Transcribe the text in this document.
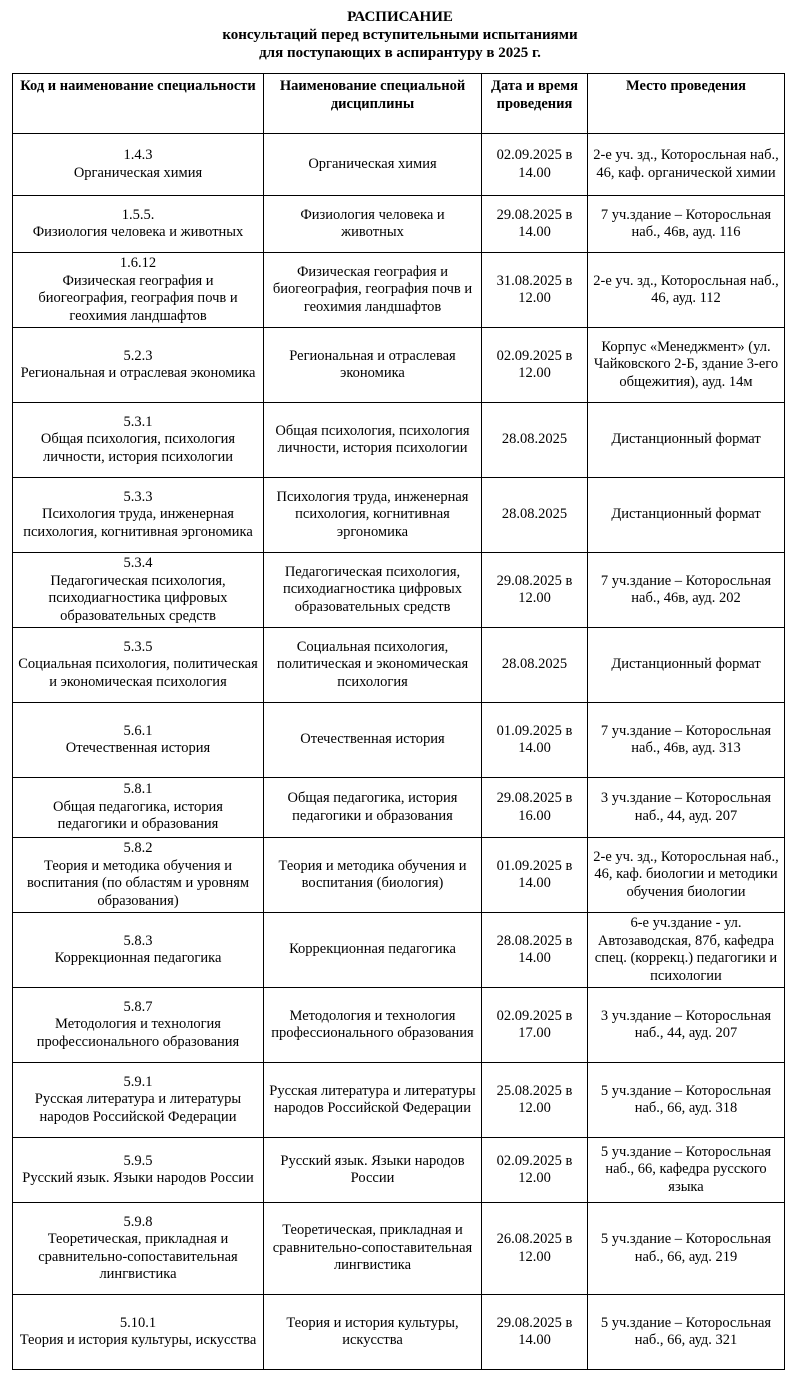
РАСПИСАНИЕ
консультаций перед вступительными испытаниями
для поступающих в аспирантуру в 2025 г.
Код и наименование специальности	Наименование специальной дисциплины	Дата и время проведения	Место проведения

1.4.3
Органическая химия	Органическая химия	02.09.2025 в 14.00	2-е уч. зд., Которосльная наб., 46, каф. органической химии

1.5.5.
Физиология человека и животных	Физиология человека и животных	29.08.2025 в 14.00	7 уч.здание – Которосльная наб., 46в, ауд. 116

1.6.12
Физическая география и биогеография, география почв и геохимия ландшафтов	Физическая география и биогеография, география почв и геохимия ландшафтов	31.08.2025 в 12.00	2-е уч. зд., Которосльная наб., 46, ауд. 112

5.2.3
Региональная и отраслевая экономика	Региональная и отраслевая экономика	02.09.2025 в 12.00	Корпус «Менеджмент» (ул. Чайковского 2-Б, здание 3-его общежития), ауд. 14м

5.3.1
Общая психология, психология личности, история психологии	Общая психология, психология личности, история психологии	28.08.2025	Дистанционный формат

5.3.3
Психология труда, инженерная психология, когнитивная эргономика	Психология труда, инженерная психология, когнитивная эргономика	28.08.2025	Дистанционный формат

5.3.4
Педагогическая психология, психодиагностика цифровых образовательных средств	Педагогическая психология, психодиагностика цифровых образовательных средств	29.08.2025 в 12.00	7 уч.здание – Которосльная наб., 46в, ауд. 202

5.3.5
Социальная психология, политическая и экономическая психология	Социальная психология, политическая и экономическая психология	28.08.2025	Дистанционный формат

5.6.1
Отечественная история	Отечественная история	01.09.2025 в 14.00	7 уч.здание – Которосльная наб., 46в, ауд. 313

5.8.1
Общая педагогика, история педагогики и образования	Общая педагогика, история педагогики и образования	29.08.2025 в 16.00	3 уч.здание – Которосльная наб., 44, ауд. 207

5.8.2
Теория и методика обучения и воспитания (по областям и уровням образования)	Теория и методика обучения и воспитания (биология)	01.09.2025 в 14.00	2-е уч. зд., Которосльная наб., 46, каф. биологии и методики обучения биологии

5.8.3
Коррекционная педагогика	Коррекционная педагогика	28.08.2025 в 14.00	6-е уч.здание - ул. Автозаводская, 87б, кафедра спец. (коррекц.) педагогики и психологии

5.8.7
Методология и технология профессионального образования	Методология и технология профессионального образования	02.09.2025 в 17.00	3 уч.здание – Которосльная наб., 44, ауд. 207

5.9.1
Русская литература и литературы народов Российской Федерации	Русская литература и литературы народов Российской Федерации	25.08.2025 в 12.00	5 уч.здание – Которосльная наб., 66, ауд. 318

5.9.5
Русский язык. Языки народов России	Русский язык. Языки народов России	02.09.2025 в 12.00	5 уч.здание – Которосльная наб., 66, кафедра русского языка

5.9.8
Теоретическая, прикладная и сравнительно-сопоставительная лингвистика	Теоретическая, прикладная и сравнительно-сопоставительная лингвистика	26.08.2025 в 12.00	5 уч.здание – Которосльная наб., 66, ауд. 219

5.10.1
Теория и история культуры, искусства	Теория и история культуры, искусства	29.08.2025 в 14.00	5 уч.здание – Которосльная наб., 66, ауд. 321
